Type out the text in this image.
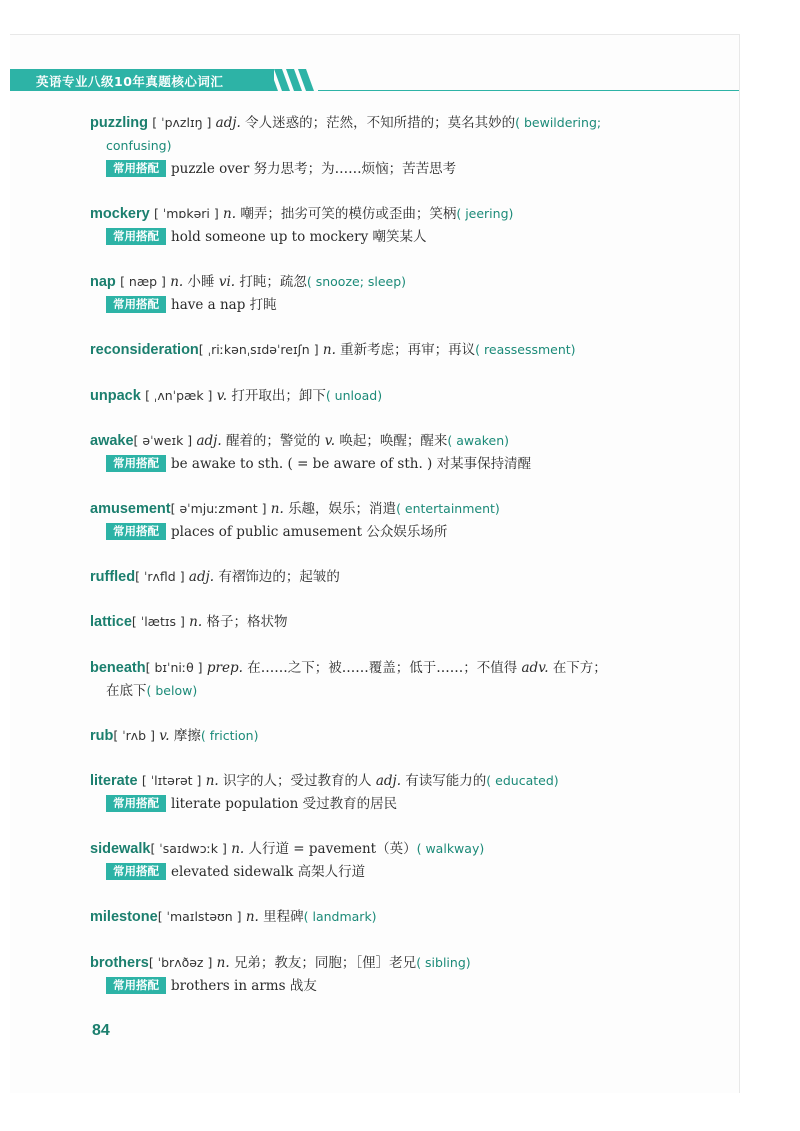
英语专业八级10年真题核心词汇
puzzling [ ˈpʌzlɪŋ ] adj. 令人迷惑的；茫然，不知所措的；莫名其妙的( bewildering;
confusing)
常用搭配 puzzle over 努力思考；为……烦恼；苦苦思考
mockery [ ˈmɒkəri ] n. 嘲弄；拙劣可笑的模仿或歪曲；笑柄( jeering)
常用搭配 hold someone up to mockery 嘲笑某人
nap [ næp ] n. 小睡 vi. 打盹；疏忽( snooze; sleep)
常用搭配 have a nap 打盹
reconsideration[ ˌriːkənˌsɪdəˈreɪʃn ] n. 重新考虑；再审；再议( reassessment)
unpack [ ˌʌnˈpæk ] v. 打开取出；卸下( unload)
awake[ əˈweɪk ] adj. 醒着的；警觉的 v. 唤起；唤醒；醒来( awaken)
常用搭配 be awake to sth. ( = be aware of sth. ) 对某事保持清醒
amusement[ əˈmjuːzmənt ] n. 乐趣，娱乐；消遣( entertainment)
常用搭配 places of public amusement 公众娱乐场所
ruffled[ ˈrʌfld ] adj. 有褶饰边的；起皱的
lattice[ ˈlætɪs ] n. 格子；格状物
beneath[ bɪˈniːθ ] prep. 在……之下；被……覆盖；低于……；不值得 adv. 在下方；
在底下( below)
rub[ ˈrʌb ] v. 摩擦( friction)
literate [ ˈlɪtərət ] n. 识字的人；受过教育的人 adj. 有读写能力的( educated)
常用搭配 literate population 受过教育的居民
sidewalk[ ˈsaɪdwɔːk ] n. 人行道 = pavement（英）( walkway)
常用搭配 elevated sidewalk 高架人行道
milestone[ ˈmaɪlstəʊn ] n. 里程碑( landmark)
brothers[ ˈbrʌðəz ] n. 兄弟；教友；同胞；［俚］老兄( sibling)
常用搭配 brothers in arms 战友
84
